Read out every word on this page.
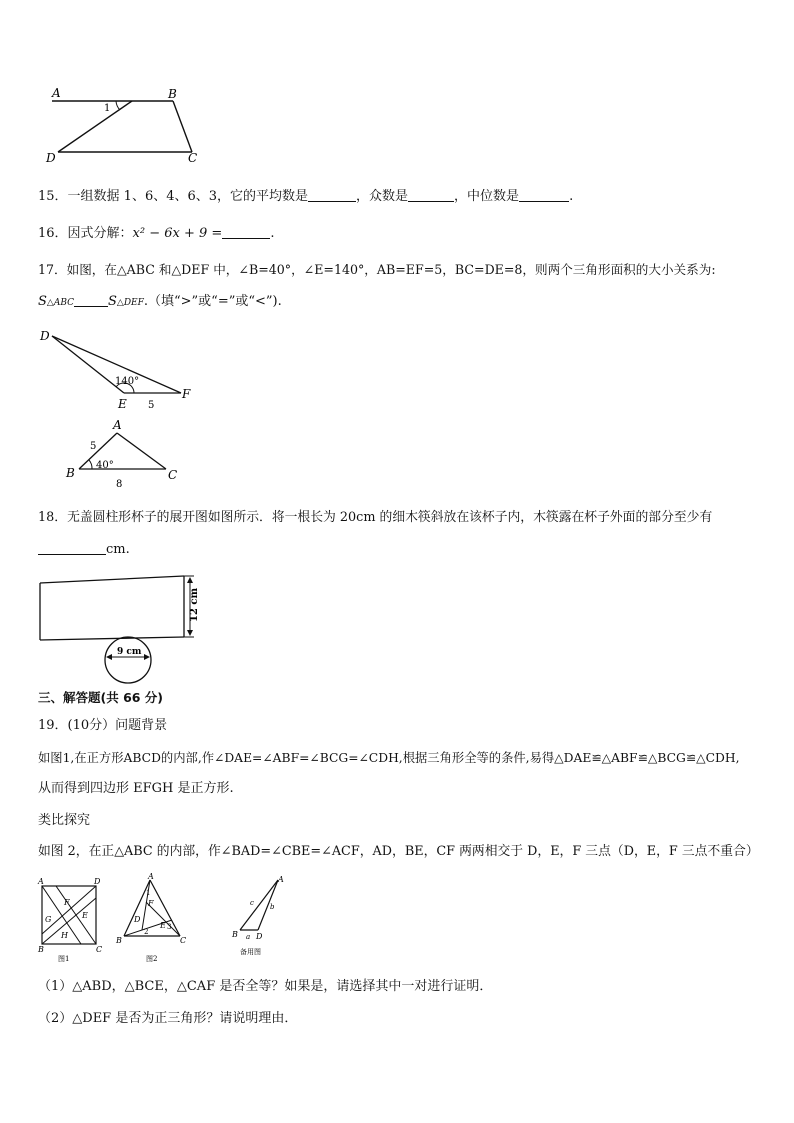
A	B
D	C
1
15．一组数据 1、6、4、6、3，它的平均数是	，众数是	，中位数是	.
16．因式分解：x² − 6x + 9 =	.
17．如图，在△ABC 和△DEF 中，∠B=40°，∠E=140°，AB=EF=5，BC=DE=8，则两个三角形面积的大小关系为:
S△ABC	S△DEF.（填“>”或“=”或“<”).
D
E
F
140°
5
A
B	C
40°
5
8
18．无盖圆柱形杯子的展开图如图所示．将一根长为 20cm 的细木筷斜放在该杯子内，木筷露在杯子外面的部分至少有
cm.
12 cm
9 cm
三、解答题(共 66 分)
19．(10分）问题背景
如图1,在正方形ABCD的内部,作∠DAE=∠ABF=∠BCG=∠CDH,根据三角形全等的条件,易得△DAE≌△ABF≌△BCG≌△CDH,
从而得到四边形 EFGH 是正方形.
类比探究
如图 2，在正△ABC 的内部，作∠BAD=∠CBE=∠ACF，AD，BE，CF 两两相交于 D，E，F 三点（D，E，F 三点不重合）
A	D
B	C
F
E
G
H
图1
A
B	C
D
E
F
1
2
3
图2
A
B D
a
b
c
备用图
（1）△ABD，△BCE，△CAF 是否全等？如果是，请选择其中一对进行证明．
（2）△DEF 是否为正三角形？请说明理由．
